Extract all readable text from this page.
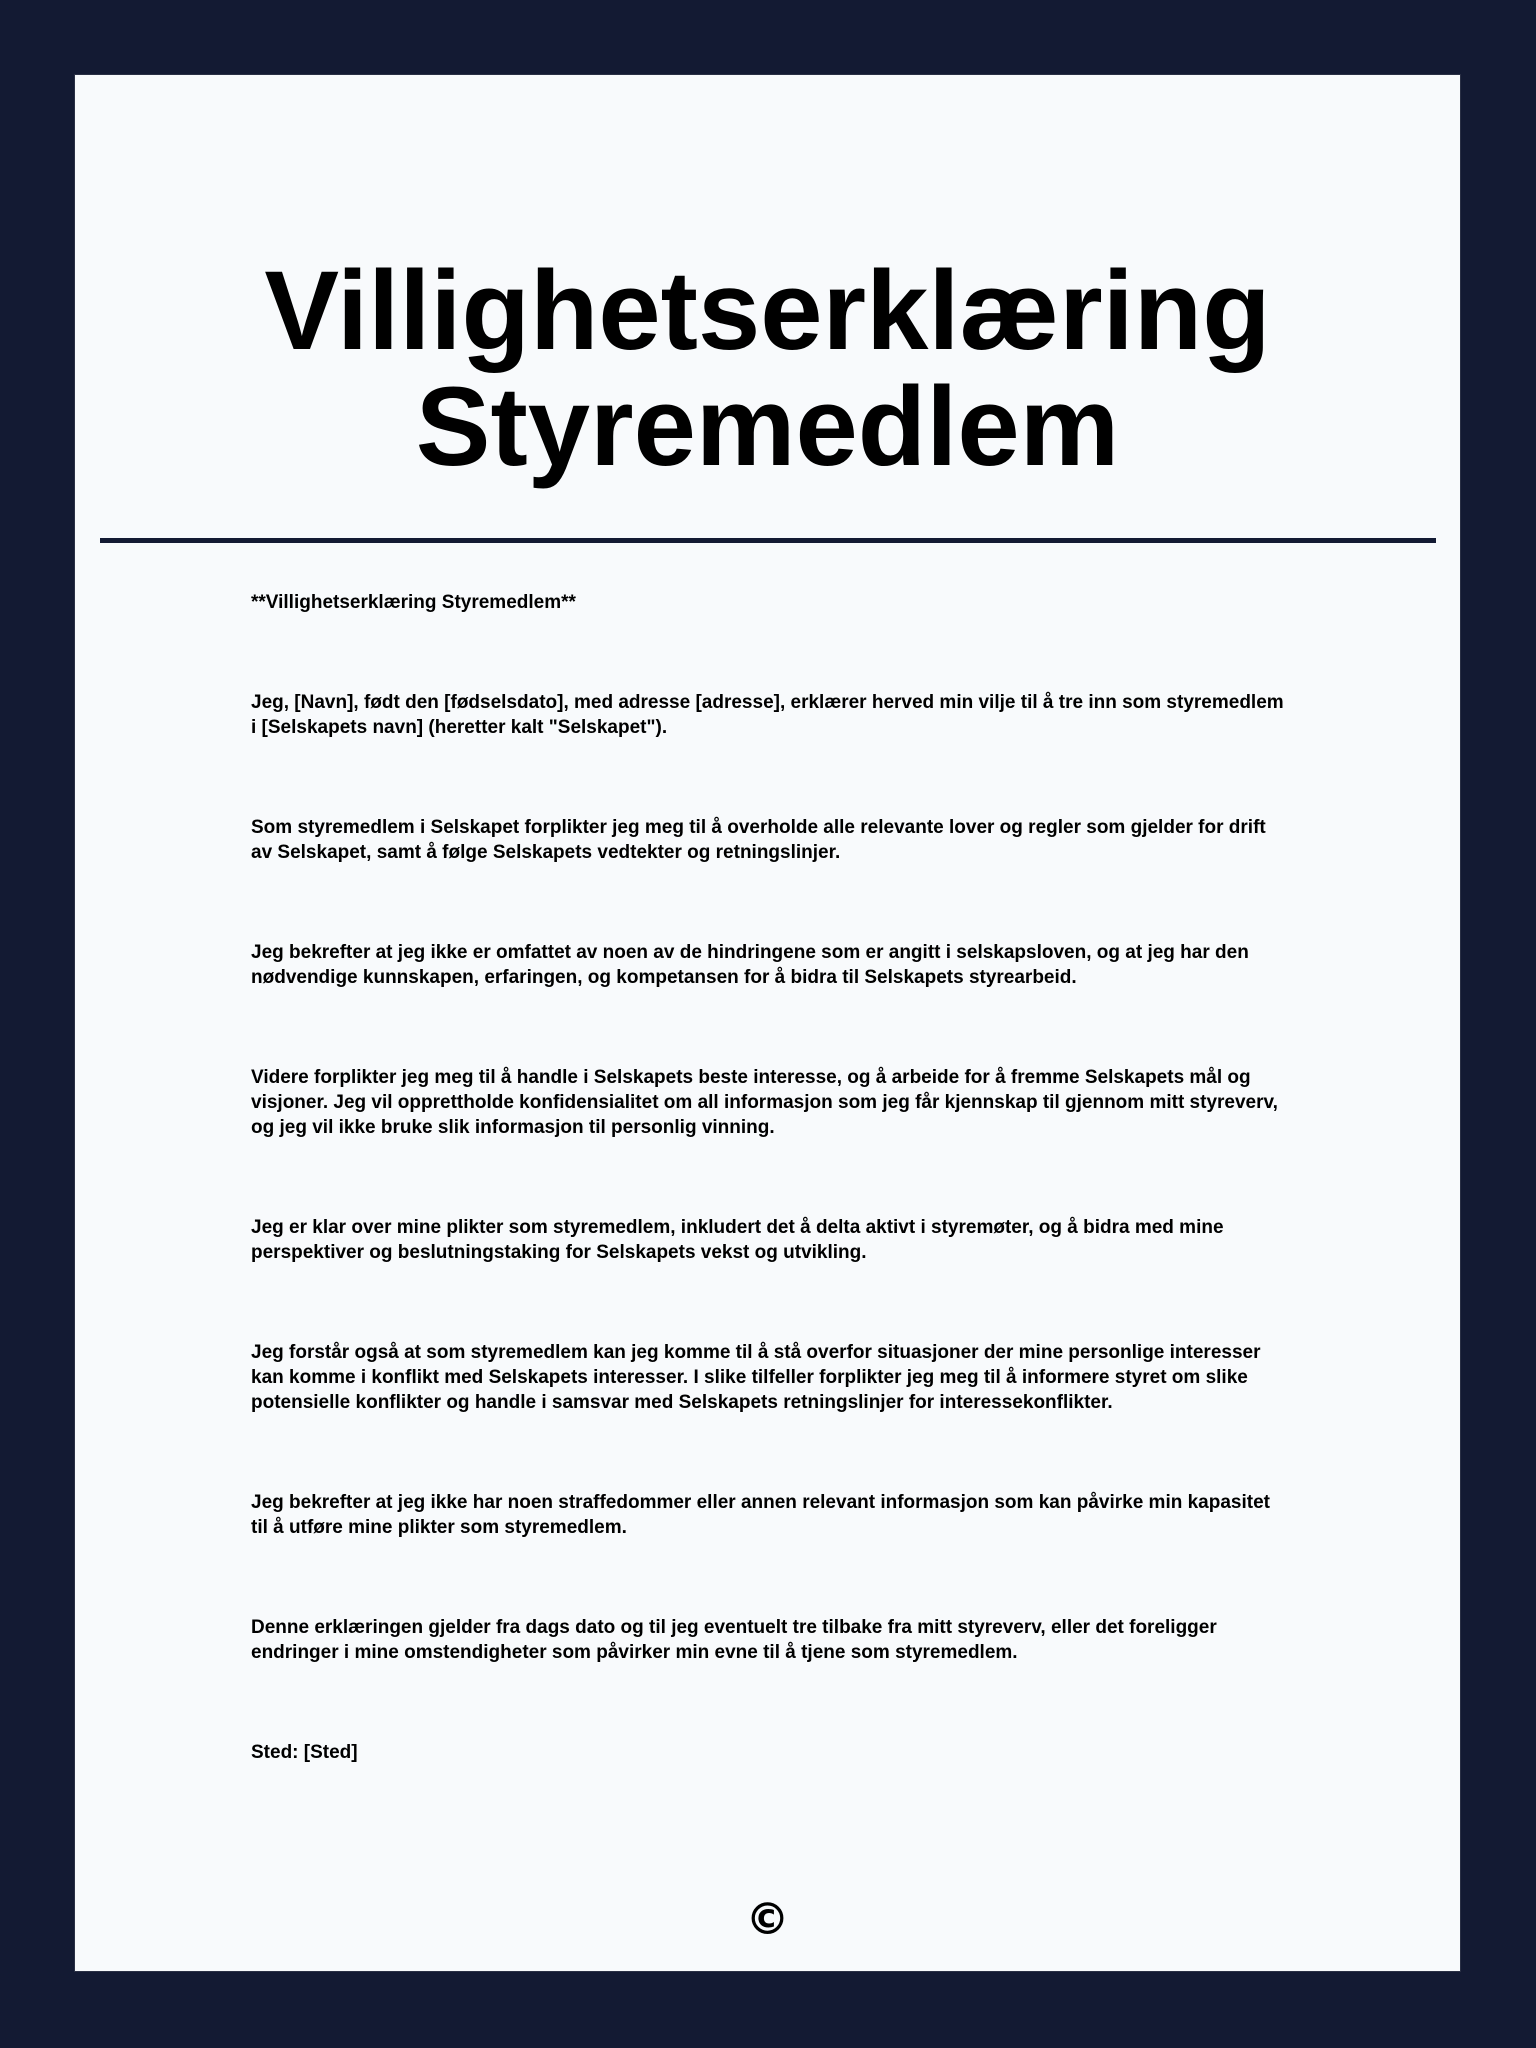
Villighetserklæring Styremedlem

**Villighetserklæring Styremedlem**

Jeg, [Navn], født den [fødselsdato], med adresse [adresse], erklærer herved min vilje til å tre inn som styremedlem i [Selskapets navn] (heretter kalt "Selskapet").

Som styremedlem i Selskapet forplikter jeg meg til å overholde alle relevante lover og regler som gjelder for drift av Selskapet, samt å følge Selskapets vedtekter og retningslinjer.

Jeg bekrefter at jeg ikke er omfattet av noen av de hindringene som er angitt i selskapsloven, og at jeg har den nødvendige kunnskapen, erfaringen, og kompetansen for å bidra til Selskapets styrearbeid.

Videre forplikter jeg meg til å handle i Selskapets beste interesse, og å arbeide for å fremme Selskapets mål og visjoner. Jeg vil opprettholde konfidensialitet om all informasjon som jeg får kjennskap til gjennom mitt styreverv, og jeg vil ikke bruke slik informasjon til personlig vinning.

Jeg er klar over mine plikter som styremedlem, inkludert det å delta aktivt i styremøter, og å bidra med mine perspektiver og beslutningstaking for Selskapets vekst og utvikling.

Jeg forstår også at som styremedlem kan jeg komme til å stå overfor situasjoner der mine personlige interesser kan komme i konflikt med Selskapets interesser. I slike tilfeller forplikter jeg meg til å informere styret om slike potensielle konflikter og handle i samsvar med Selskapets retningslinjer for interessekonflikter.

Jeg bekrefter at jeg ikke har noen straffedommer eller annen relevant informasjon som kan påvirke min kapasitet til å utføre mine plikter som styremedlem.

Denne erklæringen gjelder fra dags dato og til jeg eventuelt tre tilbake fra mitt styreverv, eller det foreligger endringer i mine omstendigheter som påvirker min evne til å tjene som styremedlem.

Sted: [Sted]

©
